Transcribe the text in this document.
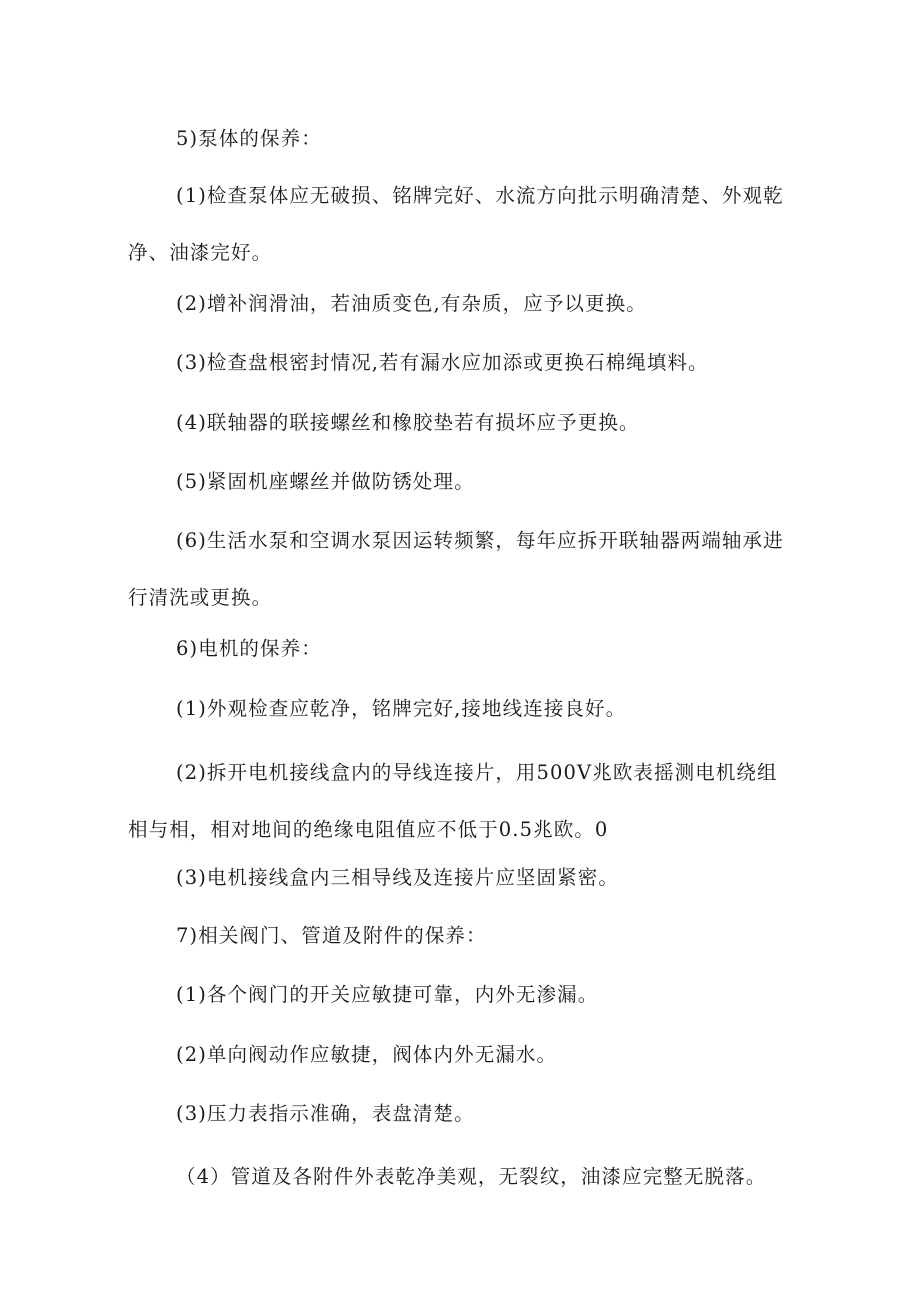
5)泵体的保养：

(1)检查泵体应无破损、铭牌完好、水流方向批示明确清楚、外观乾净、油漆完好。

(2)增补润滑油，若油质变色,有杂质，应予以更换。

(3)检查盘根密封情况,若有漏水应加添或更换石棉绳填料。

(4)联轴器的联接螺丝和橡胶垫若有损坏应予更换。

(5)紧固机座螺丝并做防锈处理。

(6)生活水泵和空调水泵因运转频繁，每年应拆开联轴器两端轴承进行清洗或更换。

6)电机的保养：

(1)外观检查应乾净，铭牌完好,接地线连接良好。

(2)拆开电机接线盒内的导线连接片，用500V兆欧表摇测电机绕组相与相，相对地间的绝缘电阻值应不低于0.5兆欧。0

(3)电机接线盒内三相导线及连接片应坚固紧密。

7)相关阀门、管道及附件的保养：

(1)各个阀门的开关应敏捷可靠，内外无渗漏。

(2)单向阀动作应敏捷，阀体内外无漏水。

(3)压力表指示准确，表盘清楚。

（4）管道及各附件外表乾净美观，无裂纹，油漆应完整无脱落。
